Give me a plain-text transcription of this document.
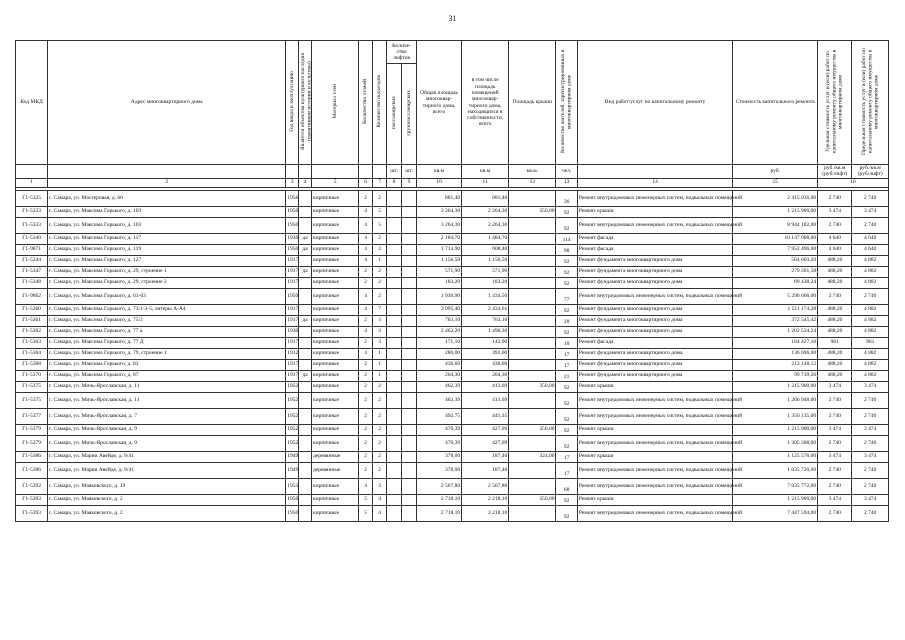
31
Код МКД	Адрес многоквартирного дома	Год ввода в эксплуатацию	Является объектом культурного наследия (памятником истории и культуры)	Материал стен	Количество этажей	Количество подъездов	Количе-ство лифтов		Общая площадь многоквар-тирного дома, всего	в том числе площадь помещений многоквар-тирного дома, находящихся в собственности, всего	Площадь крыши	Количество жителей, зарегистрированных в многоквартирном доме	Вид работ/услуг по капитальному ремонту	Стоимость капитального ремонта	Удельная стоимость услуг и (или) работ по капитальному ремонту общего имущества в многоквартирном доме	Предельная стоимость услуг и (или) работ по капитальному ремонту общего имущества в многоквартирном доме
							пассажирских	грузопассажирских								
							шт.	шт.	кв.м	кв.м	кв.м.	чел.		руб.	руб./кв.м (руб/лифт)	руб./кв.м (руб/лифт)
1	2	3	4	5	6	7	8	9	10	11	12	13	14	15	16	

Г1-5325	г. Самара, ул. Мастеровая, д. 60	1956		кирпичные	2	2			881,40	881,40		36	Ремонт внутридомовых инженерных систем, подвальных помещений	2 415 036,00	2 740	2 740
Г1-5333	г. Самара, ул. Максима Горького, д. 103	1950		кирпичные	4	5			3 264,30	2 264,30	350,00	92	Ремонт крыши	1 215 900,00	3 474	3 474
Г1-5333	г. Самара, ул. Максима Горького, д. 103	1950		кирпичные	4	5			3 264,30	2 264,30		92	Ремонт внутридомовых инженерных систем, подвальных помещений	8 944 182,00	2 740	2 740
Г1-5340	г. Самара, ул. Максима Горького, д. 117	1936	да	кирпичные	4	2			2 184,70	1 484,70		114	Ремонт фасада	10 137 008,00	4 640	4 640
Г1-9871	г. Самара, ул. Максима Горького, д. 119	1950	да	кирпичные	4	2			1 713,90	608,40		98	Ремонт фасада	7 952 496,00	4 640	4 640
Г1-5344	г. Самара, ул. Максима Горького, д. 127	1917		кирпичные	4	1			1 156,50	1 156,50		92	Ремонт фундамента многоквартирного дома	564 603,20	488,20	4 882
Г1-5347	г. Самара, ул. Максима Горького, д. 29, строение 1	1917	да	кирпичные	2	2			571,90	571,90		92	Ремонт фундамента многоквартирного дома	279 201,58	488,20	4 882
Г1-5348	г. Самара, ул. Максима Горького, д. 29, строение 2	1917		кирпичные	2	2			183,20	183,20		92	Ремонт фундамента многоквартирного дома	89 438,24	488,20	4 882
Г1-9862	г. Самара, ул. Максима Горького, д. 61-63	1950		кирпичные	4	2			1 930,90	1 434,50		77	Ремонт внутридомовых инженерных систем, подвальных помещений	5 290 666,00	2 740	2 740
Г1-5360	г. Самара, ул. Максима Горького, д. 73/1-3-5, литеры А-А4	1917		кирпичные	4	7			3 095,40	2 434,61		92	Ремонт фундамента многоквартирного дома	1 511 174,28	488,20	4 882
Г1-5361	г. Самара, ул. Максима Горького, д. 75/2	1917	да	кирпичные	2	3			763,10	763,10		28	Ремонт фундамента многоквартирного дома	372 545,42	488,20	4 882
Г1-5362	г. Самара, ул. Максима Горького, д. 77 а	1930		кирпичные	4	3			2 463,20	1 490,30		92	Ремонт фундамента многоквартирного дома	1 202 534,24	488,20	4 882
Г1-5363	г. Самара, ул. Максима Горького, д. 77 Д	1917		кирпичные	2	3			171,10	142,90		10	Ремонт фасада	164 427,10	961	961
Г1-5364	г. Самара, ул. Максима Горького, д. 79, строение 1	1912		кирпичные	4	1			280,00	392,00		17	Ремонт фундамента многоквартирного дома	136 696,00	488,20	4 882
Г1-5368	г. Самара, ул. Максима Горького, д. 83	1917		кирпичные	2	1			436,60	436,60		17	Ремонт фундамента многоквартирного дома	213 148,12	488,20	4 882
Г1-5370	г. Самара, ул. Максима Горького, д. 87	1917	да	кирпичные	2	1			204,30	204,30		21	Ремонт фундамента многоквартирного дома	99 739,26	488,20	4 882
Г1-5375	г. Самара, ул. Мичь-Ярославская, д. 11	1952		кирпичные	2	2			462,39	413,69	350,00	92	Ремонт крыши	1 215 900,00	3 474	3 474
Г1-5375	г. Самара, ул. Мичь-Ярославская, д. 11	1952		кирпичные	2	2			462,39	413,69		92	Ремонт внутридомовых инженерных систем, подвальных помещений	1 266 948,60	2 740	2 740
Г1-5377	г. Самара, ул. Мичь-Ярославская, д. 7	1952		кирпичные	2	2			492,75	441,35		92	Ремонт внутридомовых инженерных систем, подвальных помещений	1 350 135,00	2 740	2 740
Г1-5379	г. Самара, ул. Мичь-Ярославская, д. 9	1952		кирпичные	2	2			476,39	427,09	350,00	92	Ремонт крыши	1 215 900,00	3 474	3 474
Г1-5379	г. Самара, ул. Мичь-Ярославская, д. 9	1952		кирпичные	2	2			476,39	427,09		92	Ремонт внутридомовых инженерных систем, подвальных помещений	1 305 308,60	2 740	2 740
Г1-5386	г. Самара, ул. Марии Авейде, д. 9/41	1949		деревянные	2	2			378,00	187,40	324,00	17	Ремонт крыши	1 125 576,00	3 474	3 474
Г1-5386	г. Самара, ул. Марии Авейде, д. 9/41	1949		деревянные	2	2			378,00	187,40		17	Ремонт внутридомовых инженерных систем, подвальных помещений	1 035 720,00	2 740	2 740
Г1-5392	г. Самара, ул. Маяковского, д. 19	1953		кирпичные	4	3			2 567,80	2 567,80		68	Ремонт внутридомовых инженерных систем, подвальных помещений	7 035 772,00	2 740	2 740
Г1-5393	г. Самара, ул. Маяковского, д. 2	1950		кирпичные	5	4			2 718,10	2 218,10	350,00	92	Ремонт крыши	1 215 900,00	3 474	3 474
Г1-5393	г. Самара, ул. Маяковского, д. 2	1950		кирпичные	5	4			2 718,10	2 218,10		92	Ремонт внутридомовых инженерных систем, подвальных помещений	7 447 594,00	2 740	2 740
